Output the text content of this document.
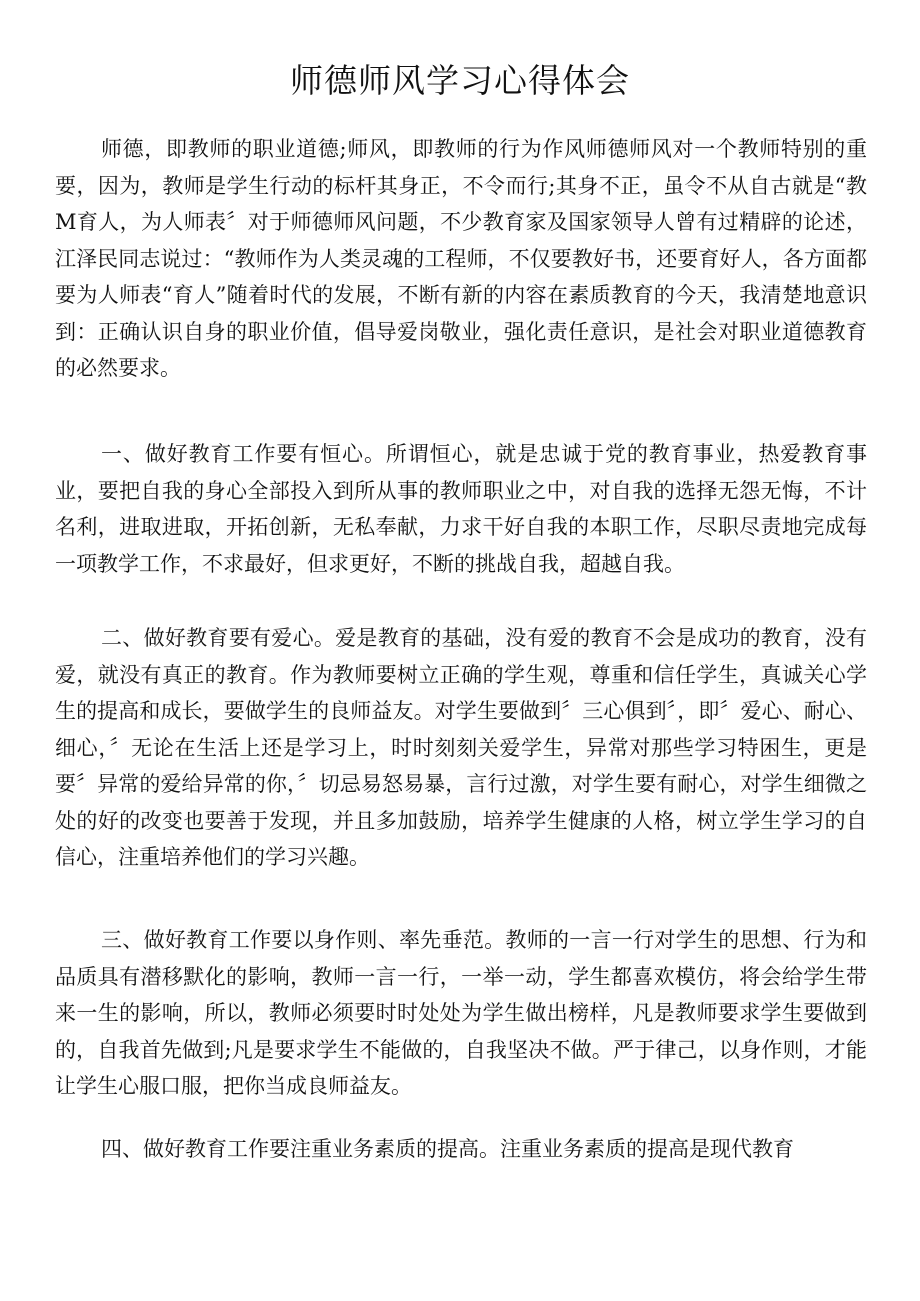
师德师风学习心得体会

师德，即教师的职业道德;师风，即教师的行为作风师德师风对一个教师特别的重要，因为，教师是学生行动的标杆其身正，不令而行;其身不正，虽令不从自古就是“教M育人，为人师表〞对于师德师风问题，不少教育家及国家领导人曾有过精辟的论述，江泽民同志说过：“教师作为人类灵魂的工程师，不仅要教好书，还要育好人，各方面都要为人师表“育人”随着时代的发展，不断有新的内容在素质教育的今天，我清楚地意识到：正确认识自身的职业价值，倡导爱岗敬业，强化责任意识，是社会对职业道德教育的必然要求。

一、做好教育工作要有恒心。所谓恒心，就是忠诚于党的教育事业，热爱教育事业，要把自我的身心全部投入到所从事的教师职业之中，对自我的选择无怨无悔，不计名利，进取进取，开拓创新，无私奉献，力求干好自我的本职工作，尽职尽责地完成每一项教学工作，不求最好，但求更好，不断的挑战自我，超越自我。

二、做好教育要有爱心。爱是教育的基础，没有爱的教育不会是成功的教育，没有爱，就没有真正的教育。作为教师要树立正确的学生观，尊重和信任学生，真诚关心学生的提高和成长，要做学生的良师益友。对学生要做到〞三心俱到〞，即〞爱心、耐心、细心，〞无论在生活上还是学习上，时时刻刻关爱学生，异常对那些学习特困生，更是要〞异常的爱给异常的你，〞切忌易怒易暴，言行过激，对学生要有耐心，对学生细微之处的好的改变也要善于发现，并且多加鼓励，培养学生健康的人格，树立学生学习的自信心，注重培养他们的学习兴趣。

三、做好教育工作要以身作则、率先垂范。教师的一言一行对学生的思想、行为和品质具有潜移默化的影响，教师一言一行，一举一动，学生都喜欢模仿，将会给学生带来一生的影响，所以，教师必须要时时处处为学生做出榜样，凡是教师要求学生要做到的，自我首先做到;凡是要求学生不能做的，自我坚决不做。严于律己，以身作则，才能让学生心服口服，把你当成良师益友。

四、做好教育工作要注重业务素质的提高。注重业务素质的提高是现代教育
